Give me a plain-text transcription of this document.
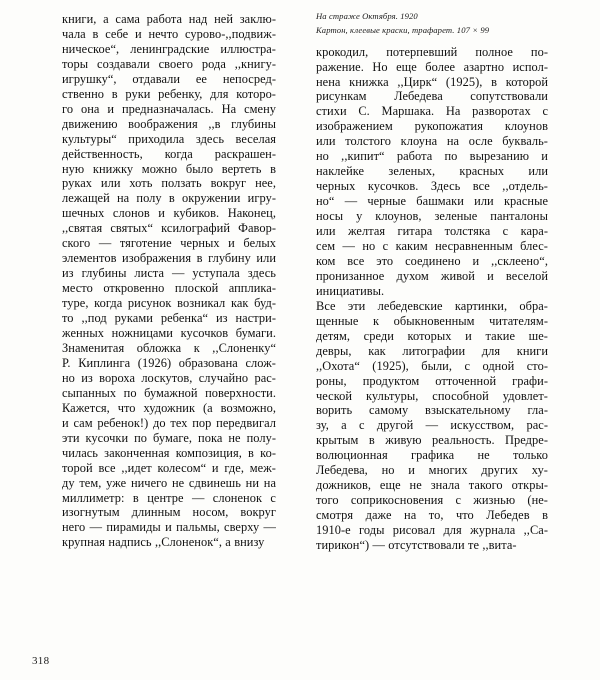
книги, а сама работа над ней заклю-
чала в себе и нечто сурово-,,подвиж-
ническое“, ленинградские иллюстра-
торы создавали своего рода ,,книгу-
игрушку“, отдавали ее непосред-
ственно в руки ребенку, для которо-
го она и предназначалась. На смену
движению воображения ,,в глубины
культуры“ приходила здесь веселая
действенность, когда раскрашен-
ную книжку можно было вертеть в
руках или хоть ползать вокруг нее,
лежащей на полу в окружении игру-
шечных слонов и кубиков. Наконец,
,,святая святых“ ксилографий Фавор-
ского — тяготение черных и белых
элементов изображения в глубину или
из глубины листа — уступала здесь
место откровенно плоской апплика-
туре, когда рисунок возникал как буд-
то ,,под руками ребенка“ из настри-
женных ножницами кусочков бумаги.
Знаменитая обложка к ,,Слоненку“
Р. Киплинга (1926) образована слож-
но из вороха лоскутов, случайно рас-
сыпанных по бумажной поверхности.
Кажется, что художник (а возможно,
и сам ребенок!) до тех пор передвигал
эти кусочки по бумаге, пока не полу-
чилась законченная композиция, в ко-
торой все ,,идет колесом“ и где, меж-
ду тем, уже ничего не сдвинешь ни на
миллиметр: в центре — слоненок с
изогнутым длинным носом, вокруг
него — пирамиды и пальмы, сверху —
крупная надпись ,,Слоненок“, а внизу
На страже Октября. 1920
Картон, клеевые краски, трафарет. 107 × 99
крокодил, потерпевший полное по-
ражение. Но еще более азартно испол-
нена книжка ,,Цирк“ (1925), в которой
рисункам Лебедева сопутствовали
стихи С. Маршака. На разворотах с
изображением рукопожатия клоунов
или толстого клоуна на осле букваль-
но ,,кипит“ работа по вырезанию и
наклейке зеленых, красных или
черных кусочков. Здесь все ,,отдель-
но“ — черные башмаки или красные
носы у клоунов, зеленые панталоны
или желтая гитара толстяка с кара-
сем — но с каким несравненным блес-
ком все это соединено и ,,склеено“,
пронизанное духом живой и веселой
инициативы.
Все эти лебедевские картинки, обра-
щенные к обыкновенным читателям-
детям, среди которых и такие ше-
девры, как литографии для книги
,,Охота“ (1925), были, с одной сто-
роны, продуктом отточенной графи-
ческой культуры, способной удовлет-
ворить самому взыскательному гла-
зу, а с другой — искусством, рас-
крытым в живую реальность. Предре-
волюционная графика не только
Лебедева, но и многих других ху-
дожников, еще не знала такого откры-
того соприкосновения с жизнью (не-
смотря даже на то, что Лебедев в
1910-е годы рисовал для журнала ,,Са-
тирикон“) — отсутствовали те ,,вита-
318
